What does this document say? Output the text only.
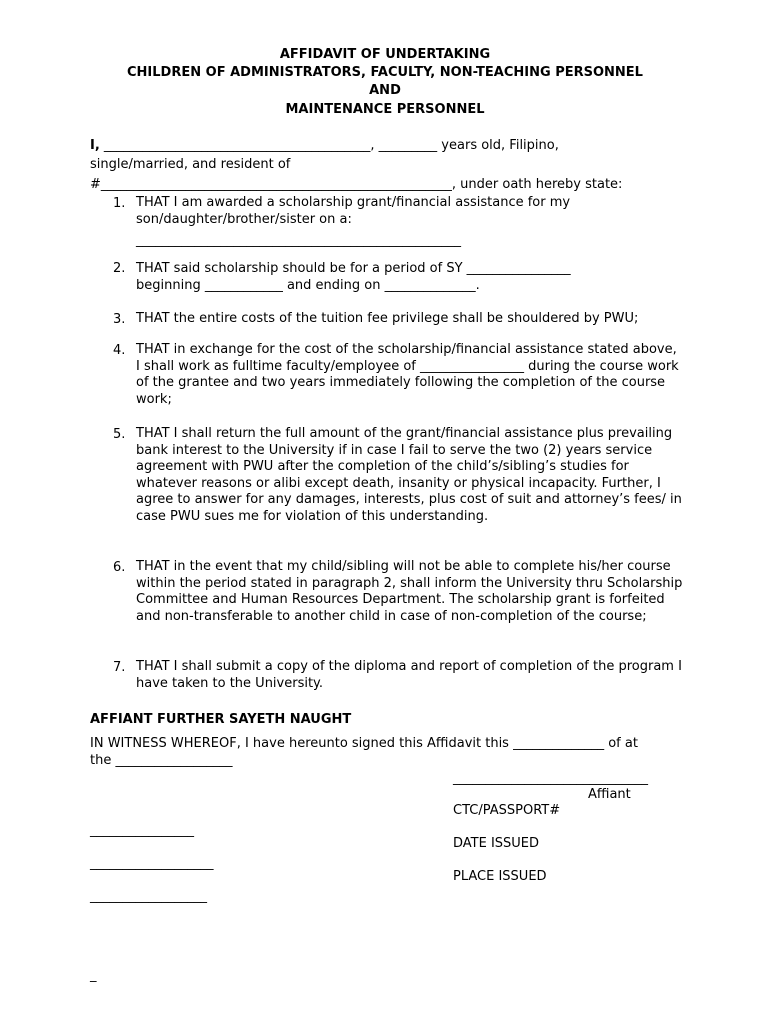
AFFIDAVIT OF UNDERTAKING
CHILDREN OF ADMINISTRATORS, FACULTY, NON-TEACHING PERSONNEL
AND
MAINTENANCE PERSONNEL
I, _________________________________________, _________ years old, Filipino,
single/married, and resident of
#______________________________________________________, under oath hereby state:
1. THAT I am awarded a scholarship grant/financial assistance for my son/daughter/brother/sister on a:
__________________________________________________
2. THAT said scholarship should be for a period of SY ________________
beginning ____________ and ending on ______________.
3. THAT the entire costs of the tuition fee privilege shall be shouldered by PWU;
4. THAT in exchange for the cost of the scholarship/financial assistance stated above, I shall work as fulltime faculty/employee of ________________ during the course work of the grantee and two years immediately following the completion of the course work;
5. THAT I shall return the full amount of the grant/financial assistance plus prevailing bank interest to the University if in case I fail to serve the two (2) years service agreement with PWU after the completion of the child’s/sibling’s studies for whatever reasons or alibi except death, insanity or physical incapacity. Further, I agree to answer for any damages, interests, plus cost of suit and attorney’s fees/ in case PWU sues me for violation of this understanding.
6. THAT in the event that my child/sibling will not be able to complete his/her course within the period stated in paragraph 2, shall inform the University thru Scholarship Committee and Human Resources Department. The scholarship grant is forfeited and non-transferable to another child in case of non-completion of the course;
7. THAT I shall submit a copy of the diploma and report of completion of the program I have taken to the University.
AFFIANT FURTHER SAYETH NAUGHT
IN WITNESS WHEREOF, I have hereunto signed this Affidavit this ______________ of at
the __________________
______________________________
Affiant
CTC/PASSPORT#
DATE ISSUED
PLACE ISSUED
________________
___________________
__________________
_
